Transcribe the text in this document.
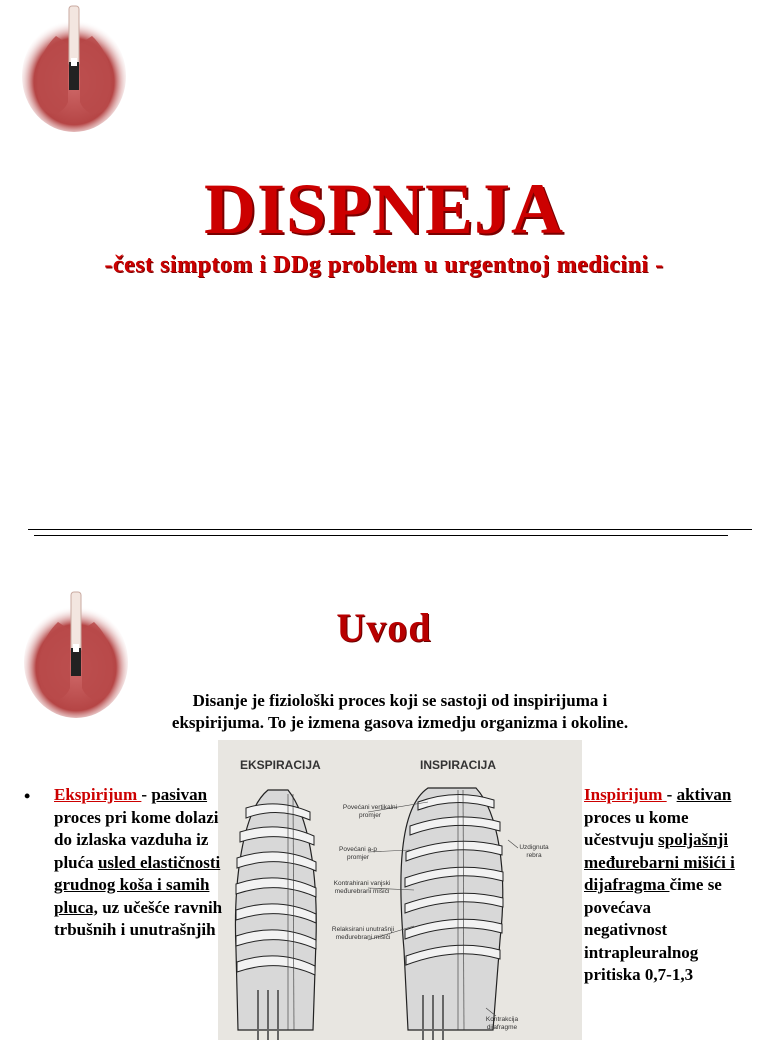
DISPNEJA
-čest simptom i DDg problem u urgentnoj medicini -
Uvod
Disanje je fiziološki proces koji se sastoji od inspirijuma i
ekspirijuma. To je izmena gasova izmedju organizma i okoline.
EKSPIRACIJA	INSPIRACIJA
Povećani vertikalni promjer
Povećani a-p promjer
Kontrahirani vanjski međurebrani mišići
Relaksirani unutrašnji međurebrani mišići
Uzdignuta rebra
Kontrakcija dijafragme
• Ekspirijum - pasivan proces pri kome dolazi do izlaska vazduha iz pluća usled elastičnosti grudnog koša i samih pluca, uz učešće ravnih trbušnih i unutrašnjih
Inspirijum - aktivan proces u kome učestvuju spoljašnji međurebarni mišići i dijafragma čime se povećava negativnost intrapleuralnog pritiska 0,7-1,3
